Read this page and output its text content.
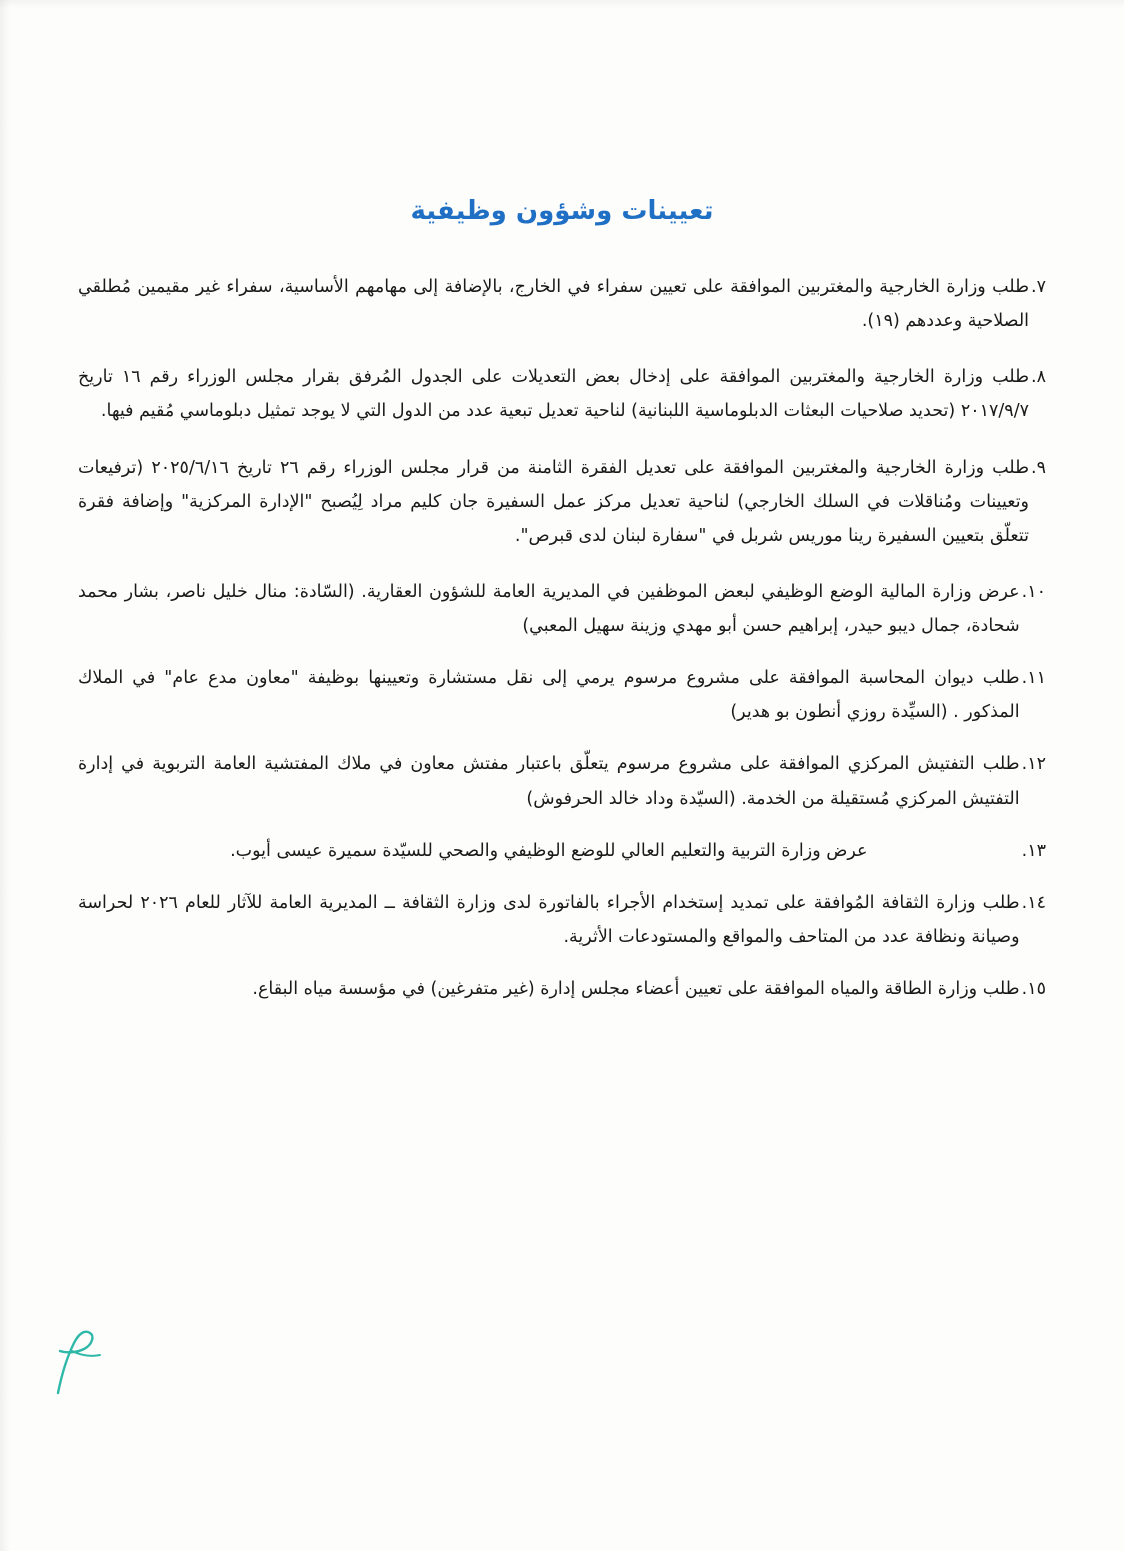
تعيينات وشؤون وظيفية
٧.
طلب وزارة الخارجية والمغتربين الموافقة على تعيين سفراء في الخارج، بالإضافة إلى مهامهم الأساسية، سفراء غير مقيمين مُطلقي الصلاحية وعددهم (١٩).
٨.
طلب وزارة الخارجية والمغتربين الموافقة على إدخال بعض التعديلات على الجدول المُرفق بقرار مجلس الوزراء رقم ١٦ تاريخ ٢٠١٧/٩/٧ (تحديد صلاحيات البعثات الدبلوماسية اللبنانية) لناحية تعديل تبعية عدد من الدول التي لا يوجد تمثيل دبلوماسي مُقيم فيها.
٩.
طلب وزارة الخارجية والمغتربين الموافقة على تعديل الفقرة الثامنة من قرار مجلس الوزراء رقم ٢٦ تاريخ ٢٠٢٥/٦/١٦ (ترفيعات وتعيينات ومُناقلات في السلك الخارجي) لناحية تعديل مركز عمل السفيرة جان كليم مراد لِيُصبح "الإدارة المركزية" وإضافة فقرة تتعلّق بتعيين السفيرة رينا موريس شربل في "سفارة لبنان لدى قبرص".
١٠.
عرض وزارة المالية الوضع الوظيفي لبعض الموظفين في المديرية العامة للشؤون العقارية. (السّادة: منال خليل ناصر، بشار محمد شحادة، جمال ديبو حيدر، إبراهيم حسن أبو مهدي وزينة سهيل المعبي)
١١.
طلب ديوان المحاسبة الموافقة على مشروع مرسوم يرمي إلى نقل مستشارة وتعيينها بوظيفة "معاون مدع عام" في الملاك المذكور . (السيِّدة روزي أنطون بو هدير)
١٢.
طلب التفتيش المركزي الموافقة على مشروع مرسوم يتعلّق باعتبار مفتش معاون في ملاك المفتشية العامة التربوية في إدارة التفتيش المركزي مُستقيلة من الخدمة. (السيّدة وداد خالد الحرفوش)
١٣.
عرض وزارة التربية والتعليم العالي للوضع الوظيفي والصحي للسيّدة سميرة عيسى أيوب.
١٤.
طلب وزارة الثقافة المُوافقة على تمديد إستخدام الأجراء بالفاتورة لدى وزارة الثقافة ــ المديرية العامة للآثار للعام ٢٠٢٦ لحراسة وصيانة ونظافة عدد من المتاحف والمواقع والمستودعات الأثرية.
١٥.
طلب وزارة الطاقة والمياه الموافقة على تعيين أعضاء مجلس إدارة (غير متفرغين) في مؤسسة مياه البقاع.
